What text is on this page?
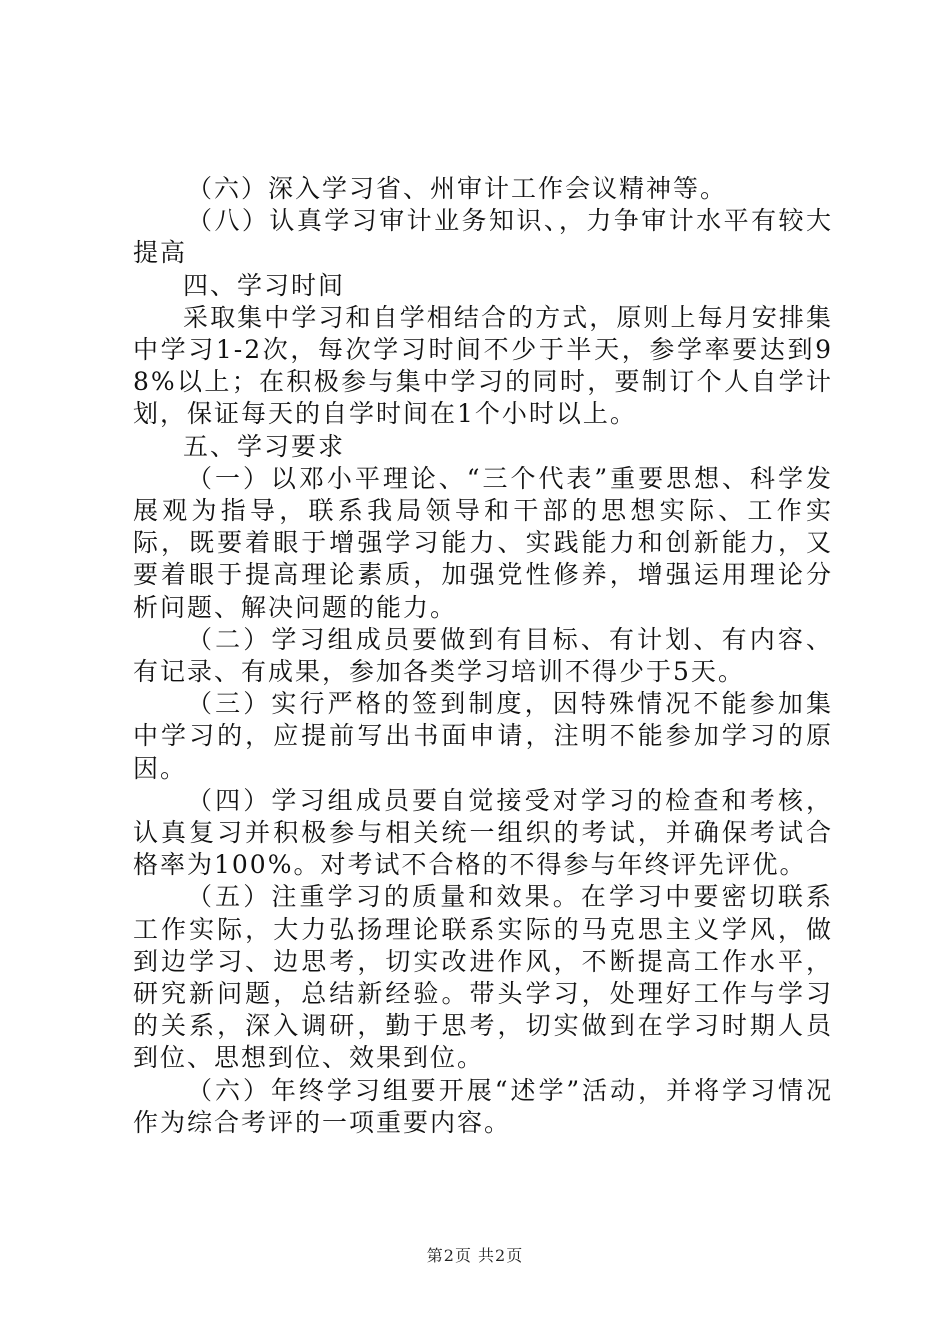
（六）深入学习省、州审计工作会议精神等。

（八）认真学习审计业务知识、，力争审计水平有较大提高

四、学习时间

采取集中学习和自学相结合的方式，原则上每月安排集中学习1-2次，每次学习时间不少于半天，参学率要达到98%以上；在积极参与集中学习的同时，要制订个人自学计划，保证每天的自学时间在1个小时以上。

五、学习要求

（一）以邓小平理论、“三个代表”重要思想、科学发展观为指导，联系我局领导和干部的思想实际、工作实际，既要着眼于增强学习能力、实践能力和创新能力，又要着眼于提高理论素质，加强党性修养，增强运用理论分析问题、解决问题的能力。

（二）学习组成员要做到有目标、有计划、有内容、有记录、有成果，参加各类学习培训不得少于5天。

（三）实行严格的签到制度，因特殊情况不能参加集中学习的，应提前写出书面申请，注明不能参加学习的原因。

（四）学习组成员要自觉接受对学习的检查和考核，认真复习并积极参与相关统一组织的考试，并确保考试合格率为100%。对考试不合格的不得参与年终评先评优。

（五）注重学习的质量和效果。在学习中要密切联系工作实际，大力弘扬理论联系实际的马克思主义学风，做到边学习、边思考，切实改进作风，不断提高工作水平，研究新问题，总结新经验。带头学习，处理好工作与学习的关系，深入调研，勤于思考，切实做到在学习时期人员到位、思想到位、效果到位。

（六）年终学习组要开展“述学”活动，并将学习情况作为综合考评的一项重要内容。

第2页 共2页
